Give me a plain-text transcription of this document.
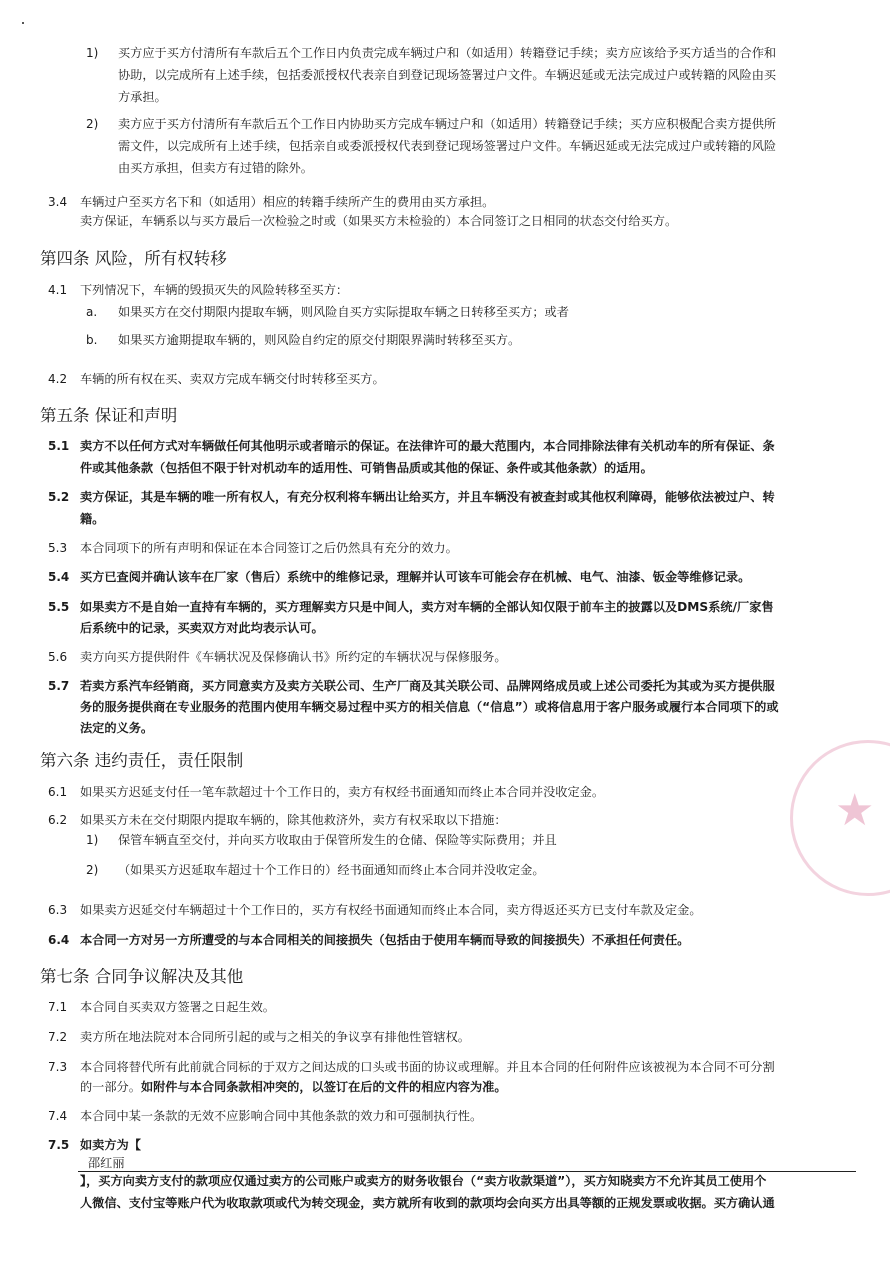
1) 买方应于买方付清所有车款后五个工作日内负责完成车辆过户和（如适用）转籍登记手续；卖方应该给予买方适当的合作和
协助，以完成所有上述手续，包括委派授权代表亲自到登记现场签署过户文件。车辆迟延或无法完成过户或转籍的风险由买
方承担。
2) 卖方应于买方付清所有车款后五个工作日内协助买方完成车辆过户和（如适用）转籍登记手续；买方应积极配合卖方提供所
需文件，以完成所有上述手续，包括亲自或委派授权代表到登记现场签署过户文件。车辆迟延或无法完成过户或转籍的风险
由买方承担，但卖方有过错的除外。
3.4 车辆过户至买方名下和（如适用）相应的转籍手续所产生的费用由买方承担。
卖方保证，车辆系以与买方最后一次检验之时或（如果买方未检验的）本合同签订之日相同的状态交付给买方。
第四条 风险，所有权转移
4.1 下列情况下，车辆的毁损灭失的风险转移至买方：
a. 如果买方在交付期限内提取车辆，则风险自买方实际提取车辆之日转移至买方；或者
b. 如果买方逾期提取车辆的，则风险自约定的原交付期限界满时转移至买方。
4.2 车辆的所有权在买、卖双方完成车辆交付时转移至买方。
第五条 保证和声明
5.1 卖方不以任何方式对车辆做任何其他明示或者暗示的保证。在法律许可的最大范围内，本合同排除法律有关机动车的所有保证、条
件或其他条款（包括但不限于针对机动车的适用性、可销售品质或其他的保证、条件或其他条款）的适用。
5.2 卖方保证，其是车辆的唯一所有权人，有充分权利将车辆出让给买方，并且车辆没有被查封或其他权利障碍，能够依法被过户、转
籍。
5.3 本合同项下的所有声明和保证在本合同签订之后仍然具有充分的效力。
5.4 买方已查阅并确认该车在厂家（售后）系统中的维修记录，理解并认可该车可能会存在机械、电气、油漆、钣金等维修记录。
5.5 如果卖方不是自始一直持有车辆的，买方理解卖方只是中间人，卖方对车辆的全部认知仅限于前车主的披露以及DMS系统/厂家售
后系统中的记录，买卖双方对此均表示认可。
5.6 卖方向买方提供附件《车辆状况及保修确认书》所约定的车辆状况与保修服务。
5.7 若卖方系汽车经销商，买方同意卖方及卖方关联公司、生产厂商及其关联公司、品牌网络成员或上述公司委托为其或为买方提供服
务的服务提供商在专业服务的范围内使用车辆交易过程中买方的相关信息（“信息”）或将信息用于客户服务或履行本合同项下的或
法定的义务。
第六条 违约责任，责任限制
6.1 如果买方迟延支付任一笔车款超过十个工作日的，卖方有权经书面通知而终止本合同并没收定金。
6.2 如果买方未在交付期限内提取车辆的，除其他救济外，卖方有权采取以下措施：
1) 保管车辆直至交付，并向买方收取由于保管所发生的仓储、保险等实际费用；并且
2) （如果买方迟延取车超过十个工作日的）经书面通知而终止本合同并没收定金。
6.3 如果卖方迟延交付车辆超过十个工作日的，买方有权经书面通知而终止本合同，卖方得返还买方已支付车款及定金。
6.4 本合同一方对另一方所遭受的与本合同相关的间接损失（包括由于使用车辆而导致的间接损失）不承担任何责任。
第七条 合同争议解决及其他
7.1 本合同自买卖双方签署之日起生效。
7.2 卖方所在地法院对本合同所引起的或与之相关的争议享有排他性管辖权。
7.3 本合同将替代所有此前就合同标的于双方之间达成的口头或书面的协议或理解。并且本合同的任何附件应该被视为本合同不可分割
的一部分。如附件与本合同条款相冲突的，以签订在后的文件的相应内容为准。
7.4 本合同中某一条款的无效不应影响合同中其他条款的效力和可强制执行性。
7.5 如卖方为【
邵红丽
】，买方向卖方支付的款项应仅通过卖方的公司账户或卖方的财务收银台（“卖方收款渠道”），买方知晓卖方不允许其员工使用个
人微信、支付宝等账户代为收取款项或代为转交现金，卖方就所有收到的款项均会向买方出具等额的正规发票或收据。买方确认通
★
